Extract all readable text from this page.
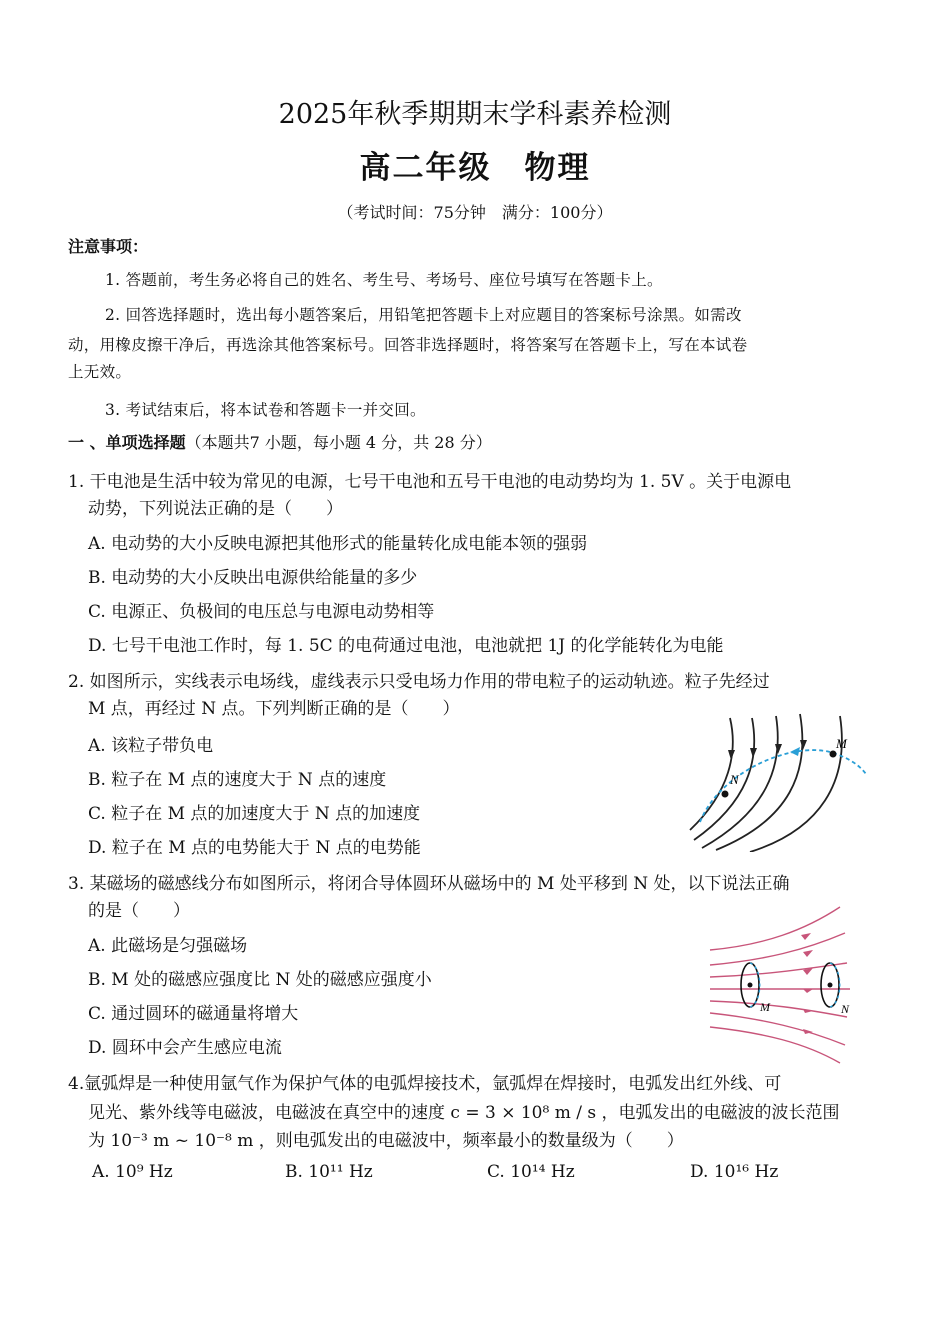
2025年秋季期期末学科素养检测
高二年级　物理
（考试时间：75分钟　满分：100分）
注意事项：
1. 答题前，考生务必将自己的姓名、考生号、考场号、座位号填写在答题卡上。
2. 回答选择题时，选出每小题答案后，用铅笔把答题卡上对应题目的答案标号涂黑。如需改
动，用橡皮擦干净后，再选涂其他答案标号。回答非选择题时，将答案写在答题卡上，写在本试卷
上无效。
3. 考试结束后，将本试卷和答题卡一并交回。
一 、单项选择题（本题共7 小题，每小题 4 分，共 28 分）
1. 干电池是生活中较为常见的电源，七号干电池和五号干电池的电动势均为 1. 5V 。关于电源电
动势，下列说法正确的是（　　）
A. 电动势的大小反映电源把其他形式的能量转化成电能本领的强弱
B. 电动势的大小反映出电源供给能量的多少
C. 电源正、负极间的电压总与电源电动势相等
D. 七号干电池工作时，每 1. 5C 的电荷通过电池，电池就把 1J 的化学能转化为电能
2. 如图所示，实线表示电场线，虚线表示只受电场力作用的带电粒子的运动轨迹。粒子先经过
M 点，再经过 N 点。下列判断正确的是（　　）
A. 该粒子带负电
B. 粒子在 M 点的速度大于 N 点的速度
C. 粒子在 M 点的加速度大于 N 点的加速度
D. 粒子在 M 点的电势能大于 N 点的电势能
N
M
3. 某磁场的磁感线分布如图所示，将闭合导体圆环从磁场中的 M 处平移到 N 处，以下说法正确
的是（　　）
A. 此磁场是匀强磁场
B. M 处的磁感应强度比 N 处的磁感应强度小
C. 通过圆环的磁通量将增大
D. 圆环中会产生感应电流
M	N
4.氩弧焊是一种使用氩气作为保护气体的电弧焊接技术，氩弧焊在焊接时，电弧发出红外线、可
见光、紫外线等电磁波，电磁波在真空中的速度 c = 3 × 10⁸ m / s ，电弧发出的电磁波的波长范围
为 10⁻³ m ~ 10⁻⁸ m ，则电弧发出的电磁波中，频率最小的数量级为（　　）
A. 10⁹ Hz	B. 10¹¹ Hz	C. 10¹⁴ Hz	D. 10¹⁶ Hz
